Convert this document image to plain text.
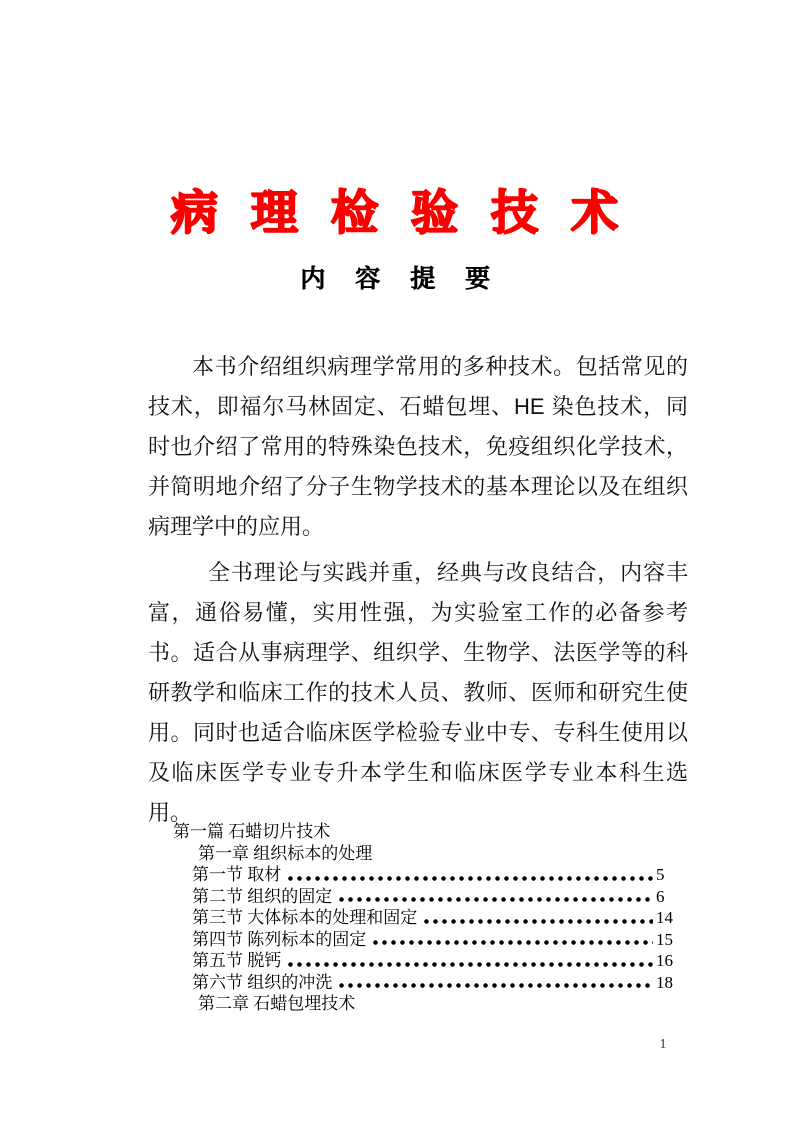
病 理 检 验 技 术
内 容 提 要

本书介绍组织病理学常用的多种技术。包括常见的技术，即福尔马林固定、石蜡包埋、HE 染色技术，同时也介绍了常用的特殊染色技术，免疫组织化学技术，并简明地介绍了分子生物学技术的基本理论以及在组织病理学中的应用。

全书理论与实践并重，经典与改良结合，内容丰富，通俗易懂，实用性强，为实验室工作的必备参考书。适合从事病理学、组织学、生物学、法医学等的科研教学和临床工作的技术人员、教师、医师和研究生使用。同时也适合临床医学检验专业中专、专科生使用以及临床医学专业专升本学生和临床医学专业本科生选用。

第一篇 石蜡切片技术
第一章 组织标本的处理
第一节 取材	5
第二节 组织的固定	6
第三节 大体标本的处理和固定	14
第四节 陈列标本的固定	15
第五节 脱钙	16
第六节 组织的冲洗	18
第二章 石蜡包埋技术
1
